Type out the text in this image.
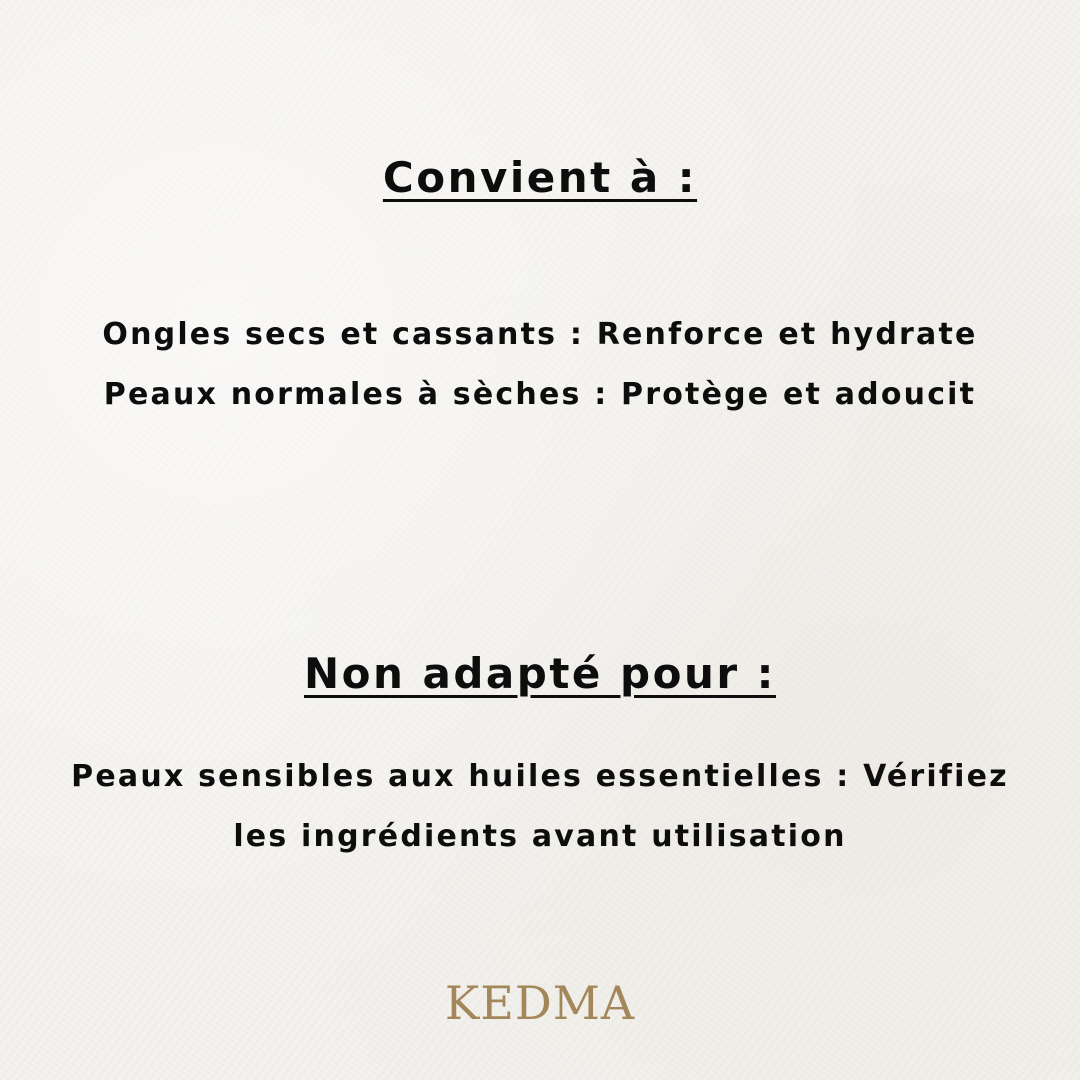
Convient à :
Ongles secs et cassants : Renforce et hydrate
Peaux normales à sèches : Protège et adoucit
Non adapté pour :
Peaux sensibles aux huiles essentielles : Vérifiez
les ingrédients avant utilisation
KEDMA
